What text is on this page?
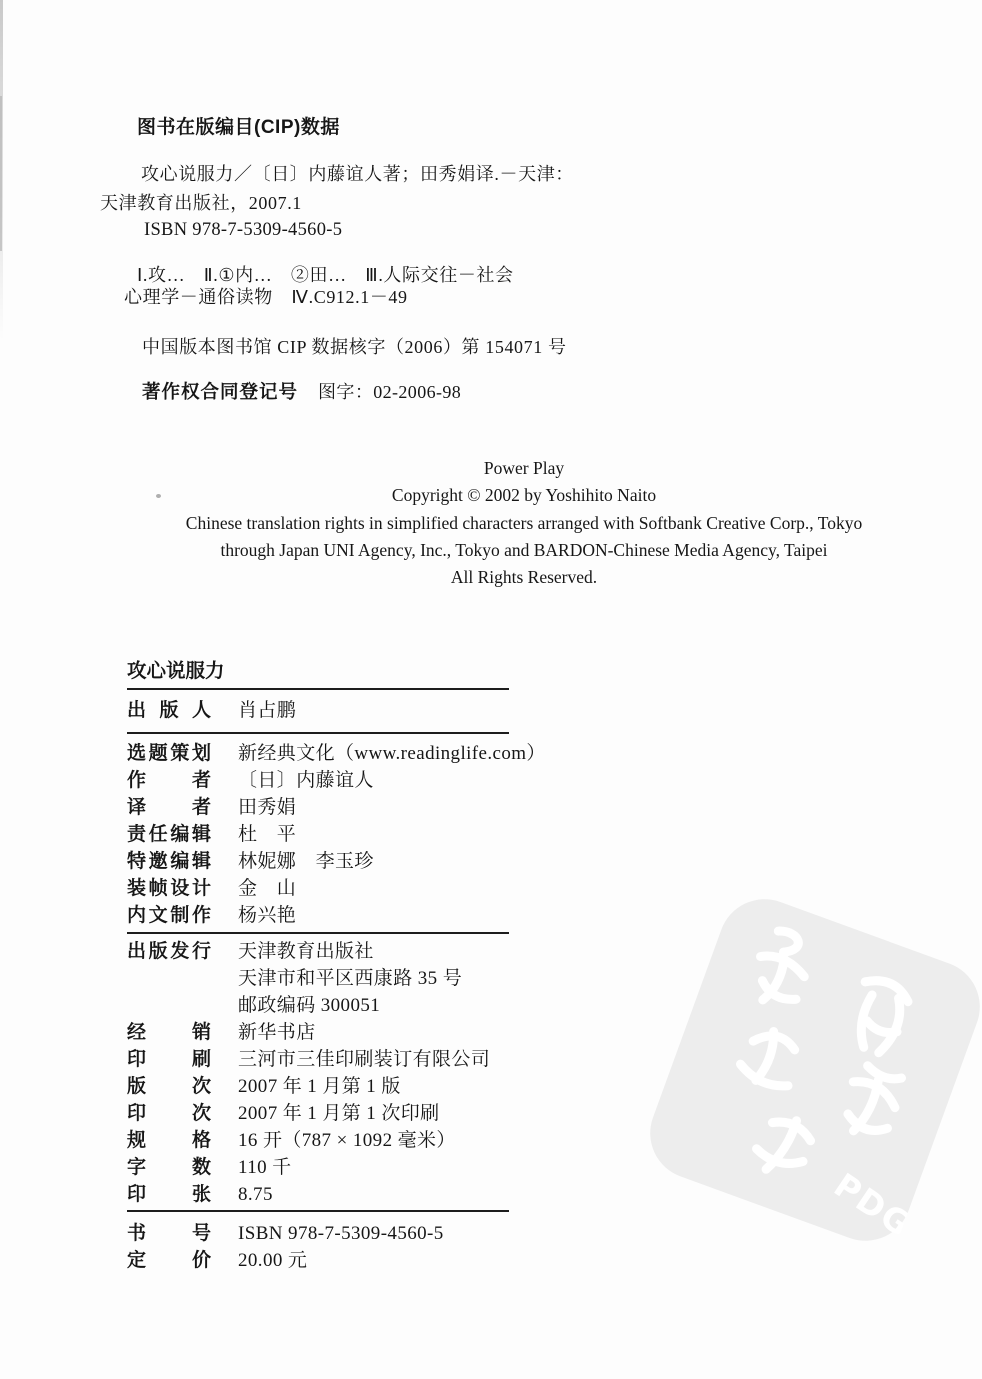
PDG
图书在版编目(CIP)数据
攻心说服力／〔日〕内藤谊人著；田秀娟译.－天津：
天津教育出版社，2007.1
ISBN 978-7-5309-4560-5
Ⅰ.攻…　Ⅱ.①内…　②田…　Ⅲ.人际交往－社会
心理学－通俗读物　Ⅳ.C912.1－49
中国版本图书馆 CIP 数据核字（2006）第 154071 号
著作权合同登记号 图字：02-2006-98
Power Play
Copyright © 2002 by Yoshihito Naito
Chinese translation rights in simplified characters arranged with Softbank Creative Corp., Tokyo
through Japan UNI Agency, Inc., Tokyo and BARDON-Chinese Media Agency, Taipei
All Rights Reserved.
攻心说服力
出版人 肖占鹏
选题策划 新经典文化（www.readinglife.com）
作者 〔日〕内藤谊人
译者 田秀娟
责任编辑 杜　平
特邀编辑 林妮娜　李玉珍
装帧设计 金　山
内文制作 杨兴艳
出版发行 天津教育出版社
天津市和平区西康路 35 号
邮政编码 300051
经销 新华书店
印刷 三河市三佳印刷装订有限公司
版次 2007 年 1 月第 1 版
印次 2007 年 1 月第 1 次印刷
规格 16 开（787 × 1092 毫米）
字数 110 千
印张 8.75
书号 ISBN 978-7-5309-4560-5
定价 20.00 元
